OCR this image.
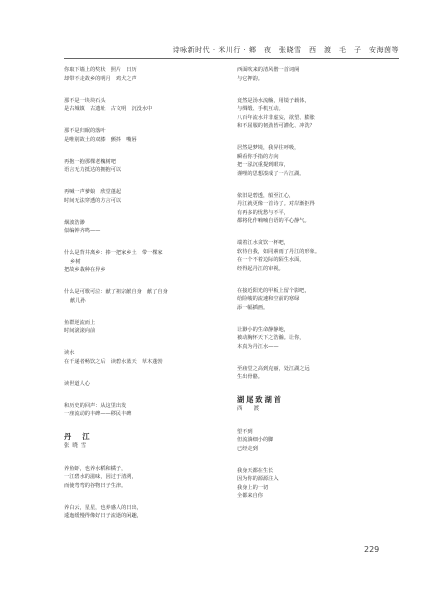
诗咏新时代 · 米川行 · 鄉　夜　张晓雪　西　渡　毛　子　安海茵等
你取下墙上的奖状　照片　日历
却带不走故乡的明月　鸡犬之声
那不是一块块石头
是古城镇　古遗址　古文明　沉没水中
那不是归眠的落叶
是唯别故土的双膝　颤抖　嘴唇
再抱一抱那棵老槐树吧
语言无力抵达的拥抱可以
再喊一声爹娘　欣堂蓬起
时间无法穿透的方言可以
烟波浩渺
似编钟齐鸣——
什么是背井离乡：捧一把家乡土　带一棵家
乡树
把故乡栽种在异乡
什么是可歌可泣：献了祖宗献自身　献了自身
献儿孙
鱼群逆流而上
时间滚滚向前
读水
在千递者畅饮之后　读碧水蓝天　草木蓬勃
读世道人心
和历史的回声：从这里出发
一座流动的丰碑——移民丰碑
丹　江
张晓雪
养鱼虾，也养水稻和橘子，
一江碧水的滋味，因过于清洌，
而使弯弯的谷物曰子生津。
养白云，星星，也养感人的日出，
逶迤缓慢得像好日子流逝的闲趣，
西面吹来的清风偕一首词阕
与它押韵。
竟然是汤水流觞，用镜子载体，
与绸缎、手机互动。
八百年流水并非虚妄，欲望、膨胀
和不屈服的韧劲皆可灌化、冲洗？
居然是梦境，我昇往呼吸，
瞬看你手指的方向
把一泓沉重提到眼帘，
谨哩的思想凑成了一片江湖。
依旧是碧透，船至江心，
丹江就更像一首诗了。对岸渐拒得
有再多的忧愁与不平，
都将化作喃喃自语的平心静气。
端着江水贪饮一杯吧，
软待自我，如同素雨了丹江的形象。
在一个不着边际的陌生水面，
经得起丹江的审视。
在接近阳光的甲板上留个影吧，
给险峻的流速和空前的寒绿
添一幅插画。
让渺小的生命静静地，
被动胸怀天下之浩瀚。让你，
本真为丹江水——
至庙堂之高到克丽，处江湖之远
生出骨骼。
湖尾致湖首
西　渡
望不到
但流淌细小的脚
已经走到
我身天都在生长
因为你的源源注入
我身上的一切
全都来自你
229
